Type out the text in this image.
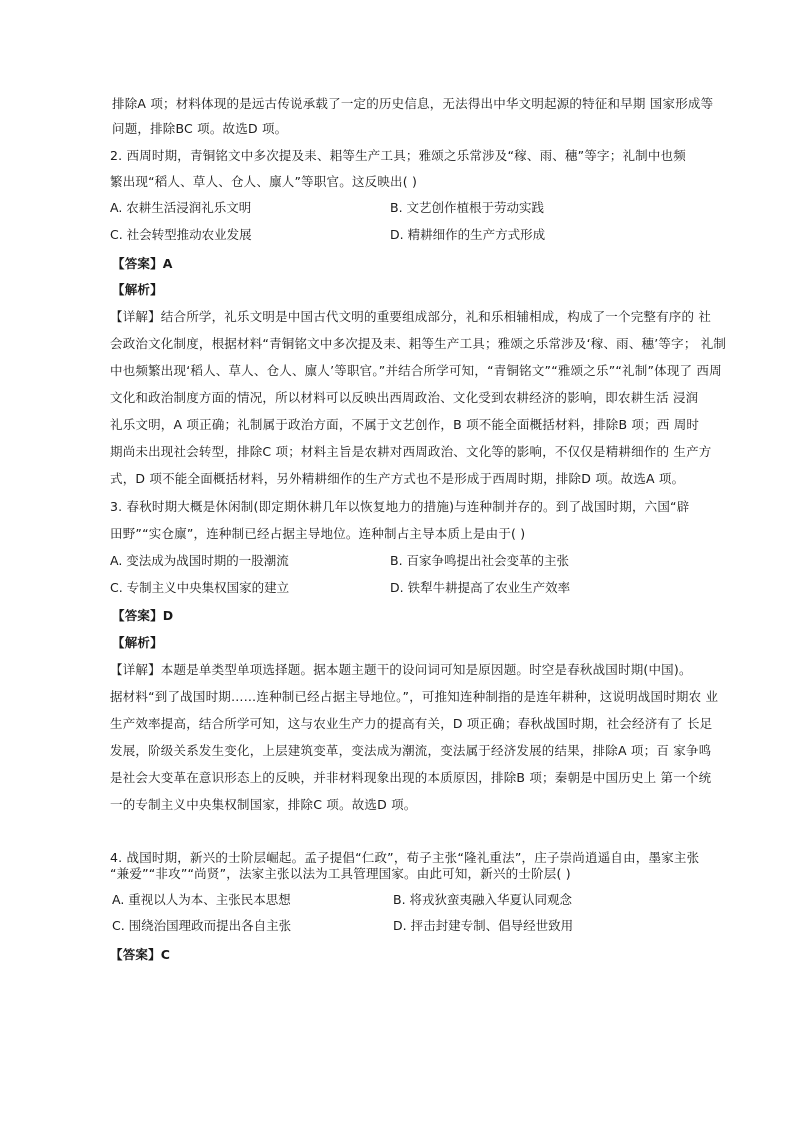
排除A 项；材料体现的是远古传说承载了一定的历史信息，无法得出中华文明起源的特征和早期 国家形成等
问题，排除BC 项。故选D 项。
2. 西周时期，青铜铭文中多次提及耒、耜等生产工具；雅颂之乐常涉及“稼、雨、穗”等字；礼制中也频
繁出现“稻人、草人、仓人、廪人”等职官。这反映出( )
A. 农耕生活浸润礼乐文明	B. 文艺创作植根于劳动实践
C. 社会转型推动农业发展	D. 精耕细作的生产方式形成
【答案】A
【解析】
【详解】结合所学，礼乐文明是中国古代文明的重要组成部分，礼和乐相辅相成，构成了一个完整有序的 社
会政治文化制度，根据材料“青铜铭文中多次提及耒、耜等生产工具；雅颂之乐常涉及‘稼、雨、穗’等字； 礼制
中也频繁出现‘稻人、草人、仓人、廪人’等职官。”并结合所学可知，“青铜铭文”“雅颂之乐”“礼制”体现了 西周
文化和政治制度方面的情况，所以材料可以反映出西周政治、文化受到农耕经济的影响，即农耕生活 浸润
礼乐文明，A 项正确；礼制属于政治方面，不属于文艺创作，B 项不能全面概括材料，排除B 项；西 周时
期尚未出现社会转型，排除C 项；材料主旨是农耕对西周政治、文化等的影响，不仅仅是精耕细作的 生产方
式，D 项不能全面概括材料，另外精耕细作的生产方式也不是形成于西周时期，排除D 项。故选A 项。
3. 春秋时期大概是休闲制(即定期休耕几年以恢复地力的措施)与连种制并存的。到了战国时期，六国“辟
田野”“实仓廪”，连种制已经占据主导地位。连种制占主导本质上是由于( )
A. 变法成为战国时期的一股潮流	B. 百家争鸣提出社会变革的主张
C. 专制主义中央集权国家的建立	D. 铁犁牛耕提高了农业生产效率
【答案】D
【解析】
【详解】本题是单类型单项选择题。据本题主题干的设问词可知是原因题。时空是春秋战国时期(中国)。
据材料“到了战国时期……连种制已经占据主导地位。”，可推知连种制指的是连年耕种，这说明战国时期农 业
生产效率提高，结合所学可知，这与农业生产力的提高有关，D 项正确；春秋战国时期，社会经济有了 长足
发展，阶级关系发生变化，上层建筑变革，变法成为潮流，变法属于经济发展的结果，排除A 项；百 家争鸣
是社会大变革在意识形态上的反映，并非材料现象出现的本质原因，排除B 项；秦朝是中国历史上 第一个统
一的专制主义中央集权制国家，排除C 项。故选D 项。
4. 战国时期，新兴的士阶层崛起。孟子提倡“仁政”，荀子主张“隆礼重法”，庄子崇尚逍遥自由，墨家主张
“兼爱”“非攻”“尚贤”，法家主张以法为工具管理国家。由此可知，新兴的士阶层( )
A. 重视以人为本、主张民本思想	B. 将戎狄蛮夷融入华夏认同观念
C. 围绕治国理政而提出各自主张	D. 抨击封建专制、倡导经世致用
【答案】C
